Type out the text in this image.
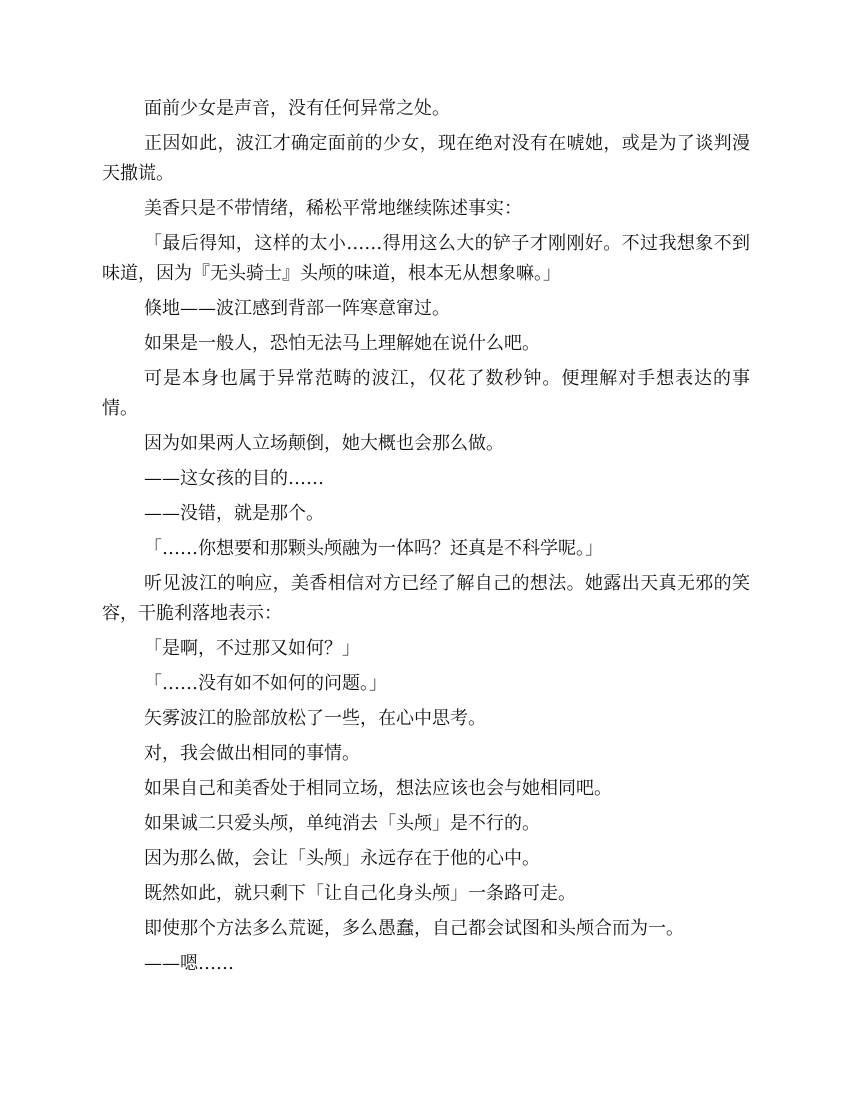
面前少女是声音，没有任何异常之处。

正因如此，波江才确定面前的少女，现在绝对没有在唬她，或是为了谈判漫天撒谎。

美香只是不带情绪，稀松平常地继续陈述事实：

「最后得知，这样的太小……得用这么大的铲子才刚刚好。不过我想象不到味道，因为『无头骑士』头颅的味道，根本无从想象嘛。」

倏地——波江感到背部一阵寒意窜过。

如果是一般人，恐怕无法马上理解她在说什么吧。

可是本身也属于异常范畴的波江，仅花了数秒钟。便理解对手想表达的事情。

因为如果两人立场颠倒，她大概也会那么做。

——这女孩的目的……

——没错，就是那个。

「……你想要和那颗头颅融为一体吗？还真是不科学呢。」

听见波江的响应，美香相信对方已经了解自己的想法。她露出天真无邪的笑容，干脆利落地表示：

「是啊，不过那又如何？」

「……没有如不如何的问题。」

矢雾波江的脸部放松了一些，在心中思考。

对，我会做出相同的事情。

如果自己和美香处于相同立场，想法应该也会与她相同吧。

如果诚二只爱头颅，单纯消去「头颅」是不行的。

因为那么做，会让「头颅」永远存在于他的心中。

既然如此，就只剩下「让自己化身头颅」一条路可走。

即使那个方法多么荒诞，多么愚蠢，自己都会试图和头颅合而为一。

——嗯……
